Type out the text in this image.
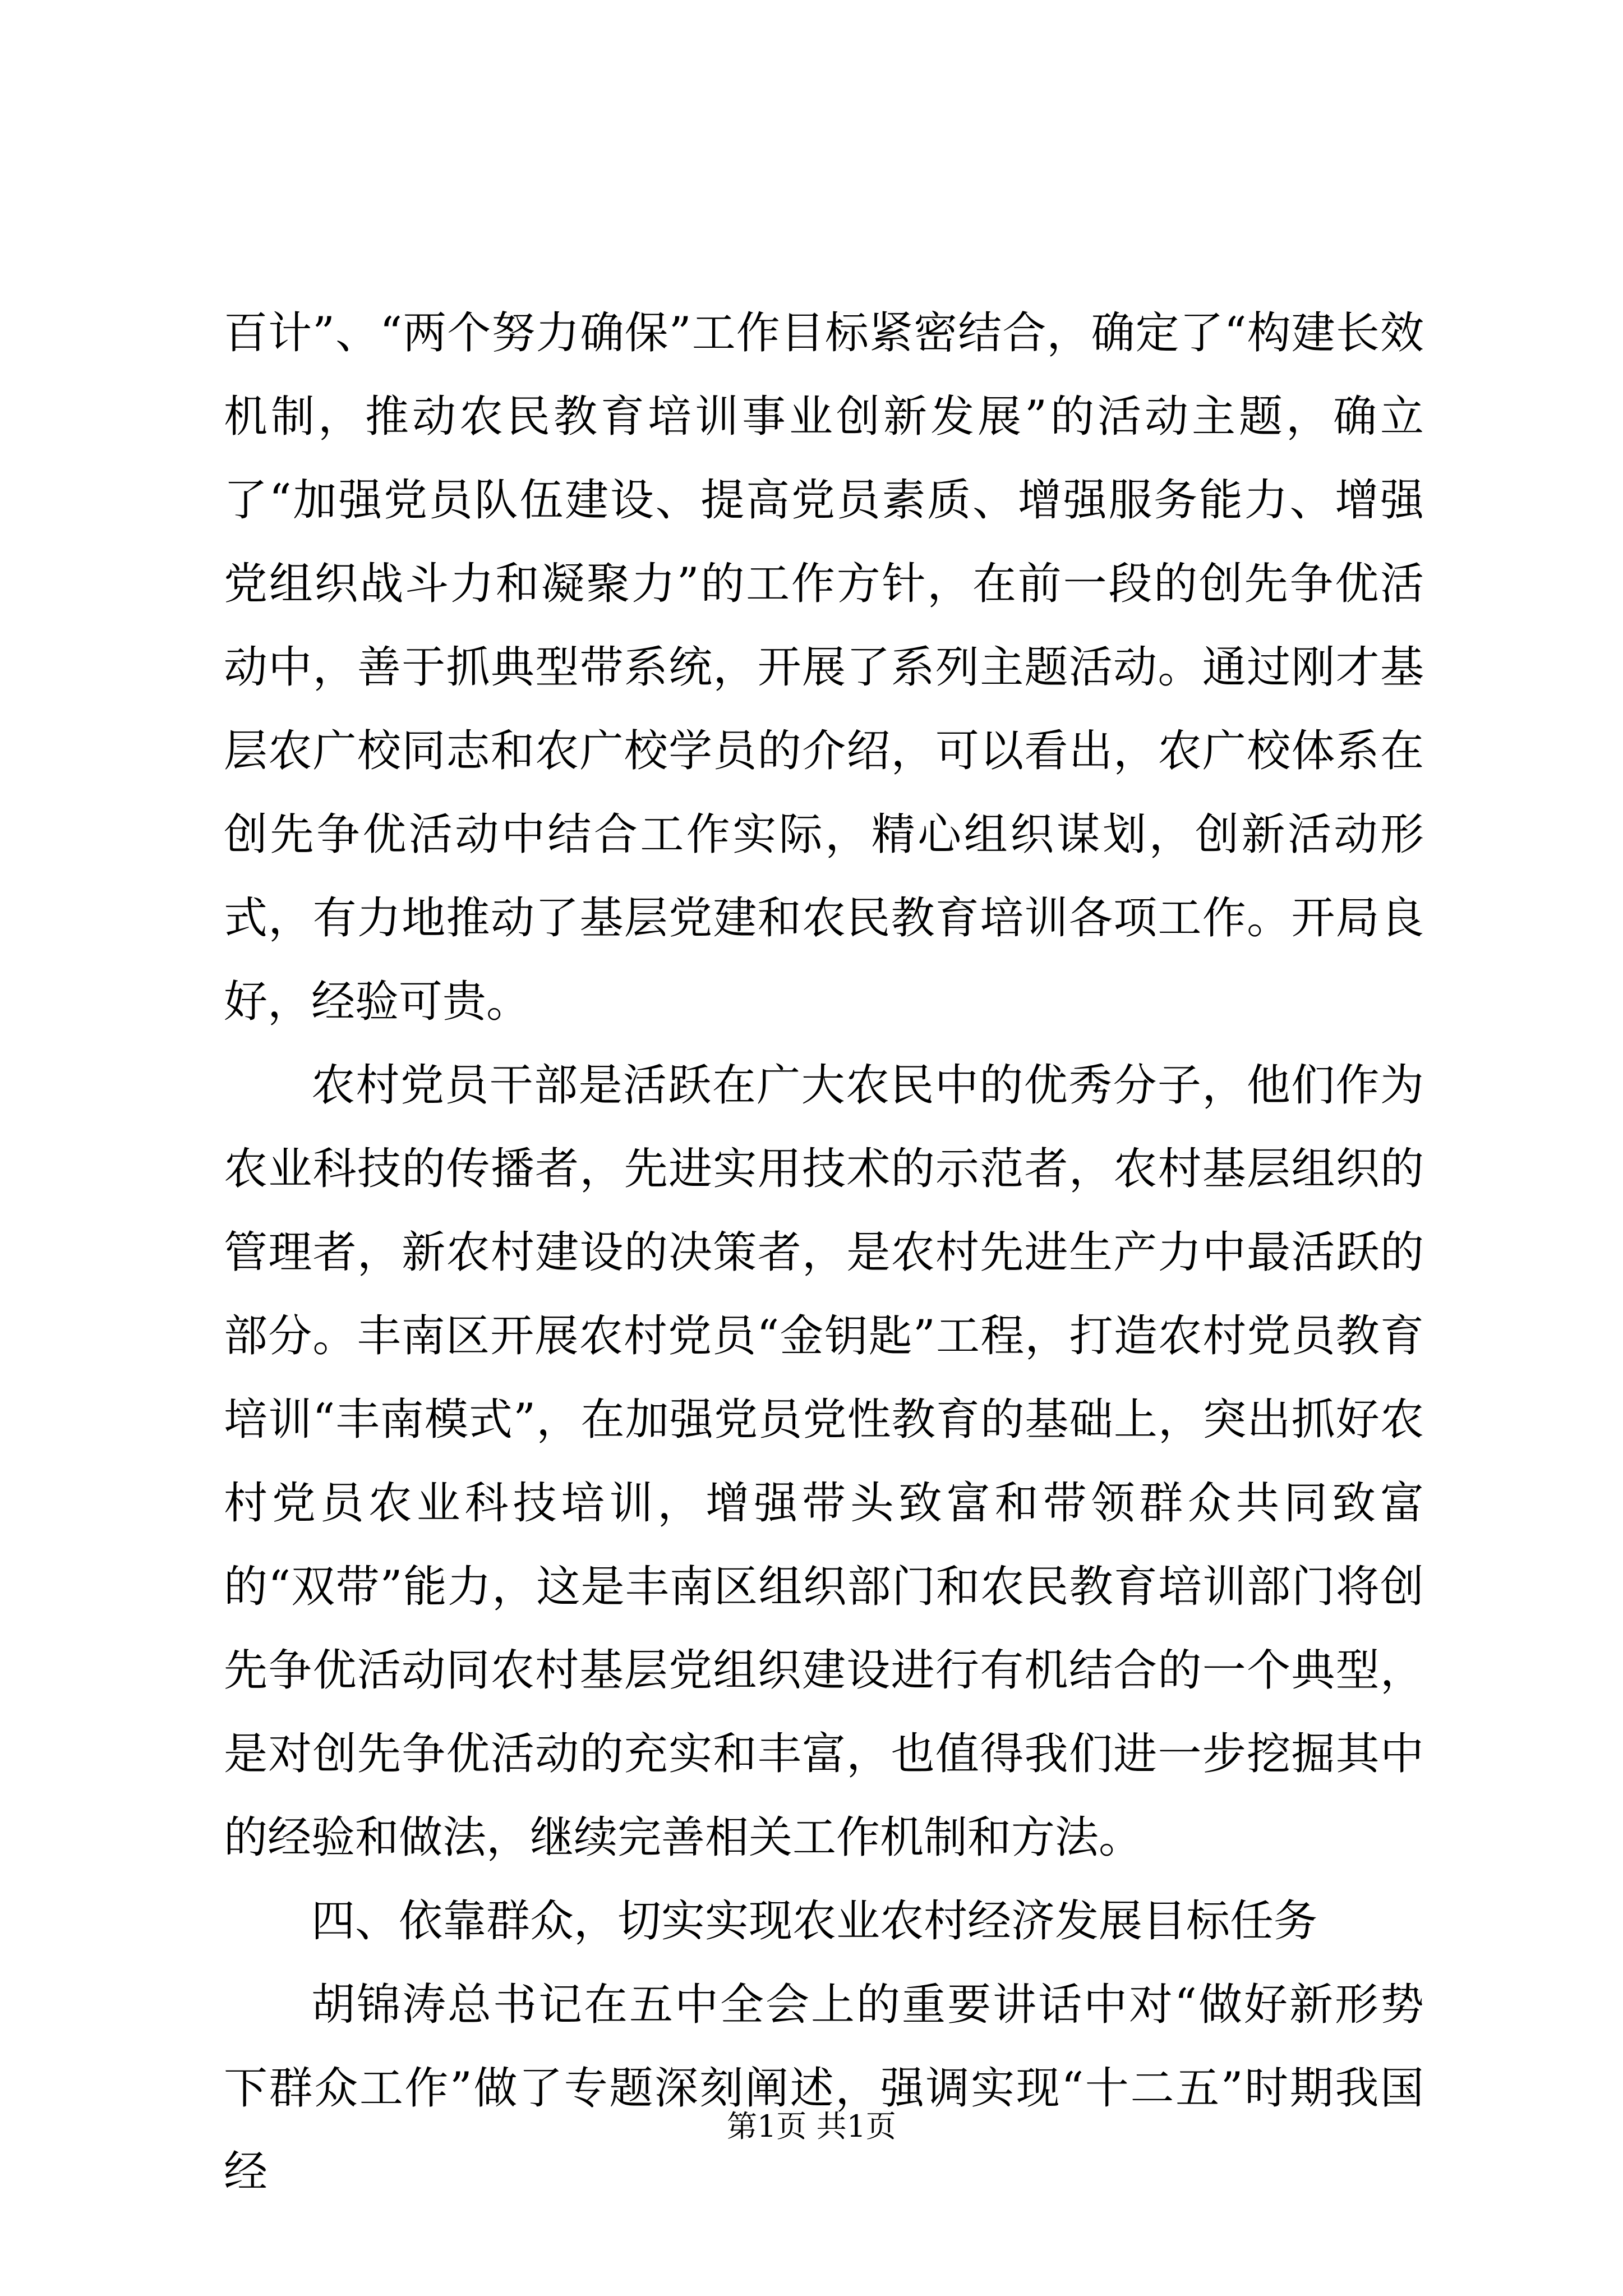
百计”、“两个努力确保”工作目标紧密结合，确定了“构建长效机制，推动农民教育培训事业创新发展”的活动主题，确立了“加强党员队伍建设、提高党员素质、增强服务能力、增强党组织战斗力和凝聚力”的工作方针，在前一段的创先争优活动中，善于抓典型带系统，开展了系列主题活动。通过刚才基层农广校同志和农广校学员的介绍，可以看出，农广校体系在创先争优活动中结合工作实际，精心组织谋划，创新活动形式，有力地推动了基层党建和农民教育培训各项工作。开局良好，经验可贵。

农村党员干部是活跃在广大农民中的优秀分子，他们作为农业科技的传播者，先进实用技术的示范者，农村基层组织的管理者，新农村建设的决策者，是农村先进生产力中最活跃的部分。丰南区开展农村党员“金钥匙”工程，打造农村党员教育培训“丰南模式”，在加强党员党性教育的基础上，突出抓好农村党员农业科技培训，增强带头致富和带领群众共同致富的“双带”能力，这是丰南区组织部门和农民教育培训部门将创先争优活动同农村基层党组织建设进行有机结合的一个典型，是对创先争优活动的充实和丰富，也值得我们进一步挖掘其中的经验和做法，继续完善相关工作机制和方法。

四、依靠群众，切实实现农业农村经济发展目标任务

胡锦涛总书记在五中全会上的重要讲话中对“做好新形势下群众工作”做了专题深刻阐述，强调实现“十二五”时期我国经

第1页 共1页
